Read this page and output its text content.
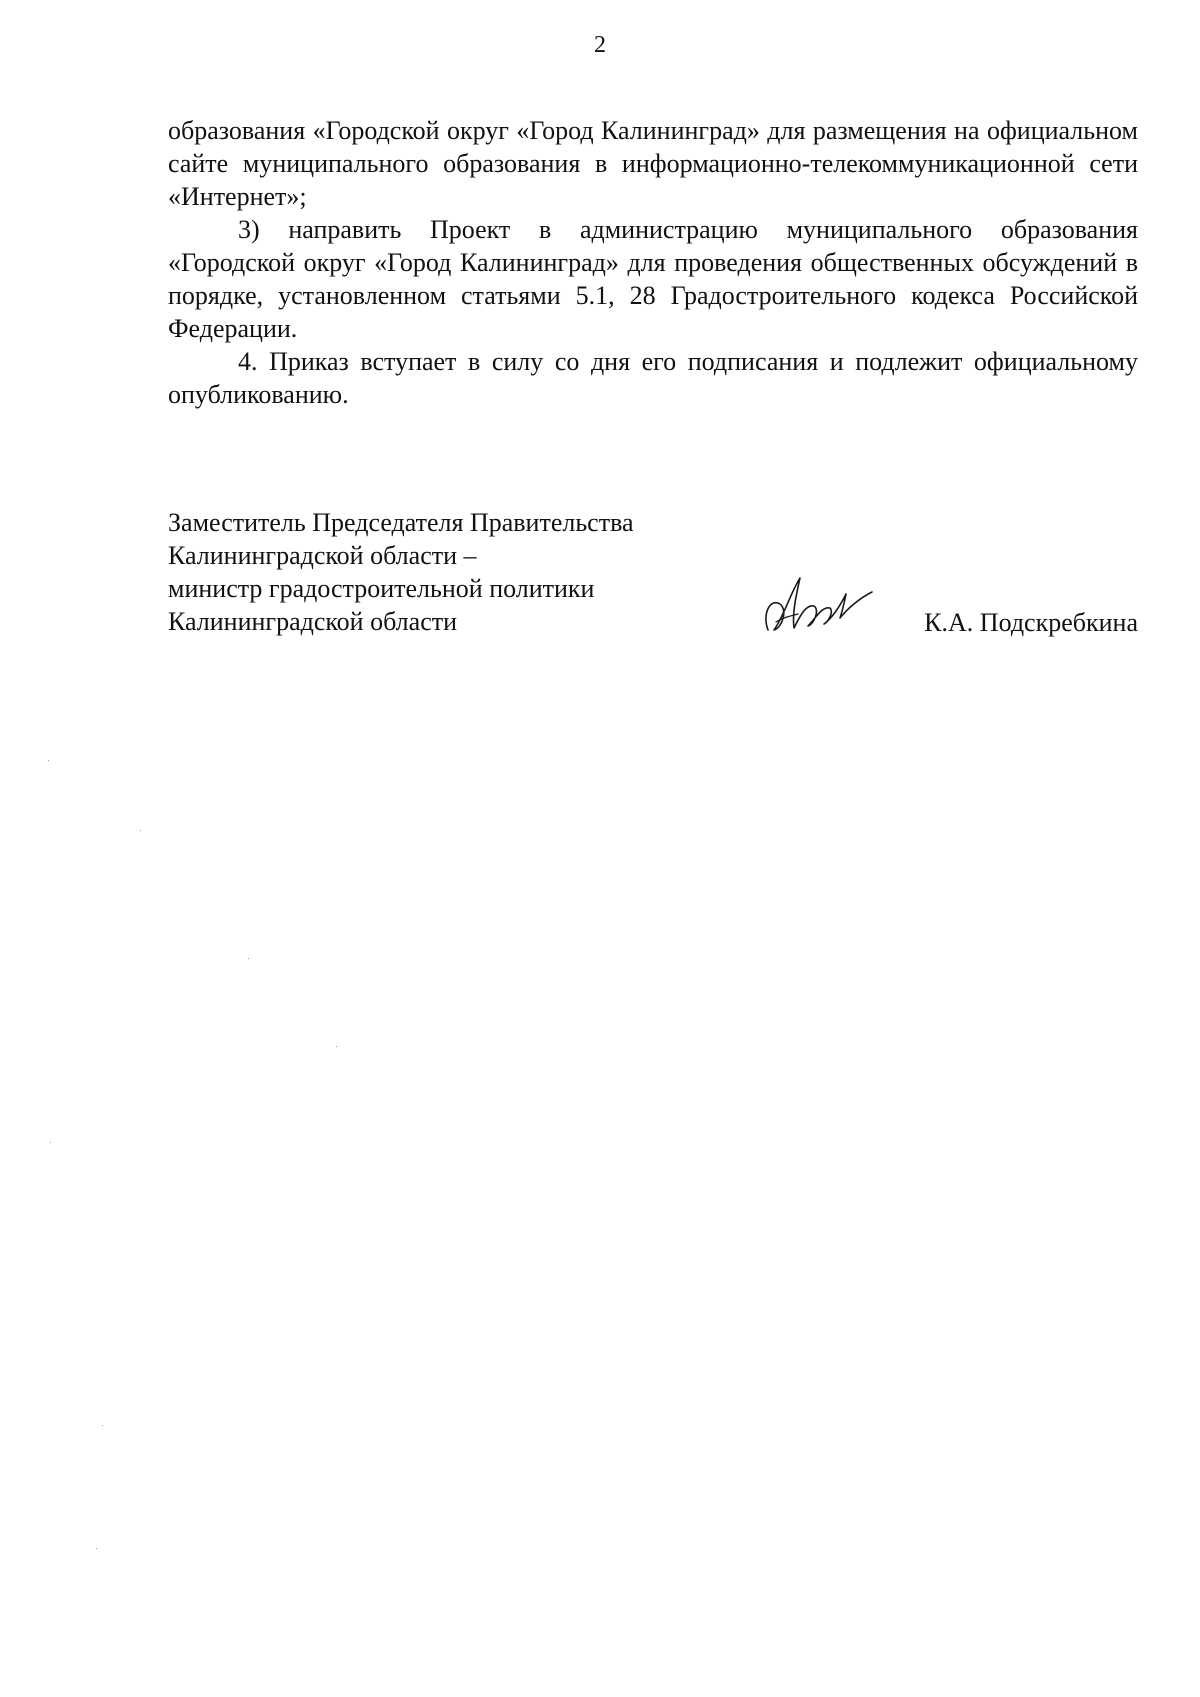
2

образования «Городской округ «Город Калининград» для размещения на официальном сайте муниципального образования в информационно-телекоммуникационной сети «Интернет»;

3) направить Проект в администрацию муниципального образования «Городской округ «Город Калининград» для проведения общественных обсуждений в порядке, установленном статьями 5.1, 28 Градостроительного кодекса Российской Федерации.

4. Приказ вступает в силу со дня его подписания и подлежит официальному опубликованию.

Заместитель Председателя Правительства
Калининградской области –
министр градостроительной политики
Калининградской области	К.А. Подскребкина
